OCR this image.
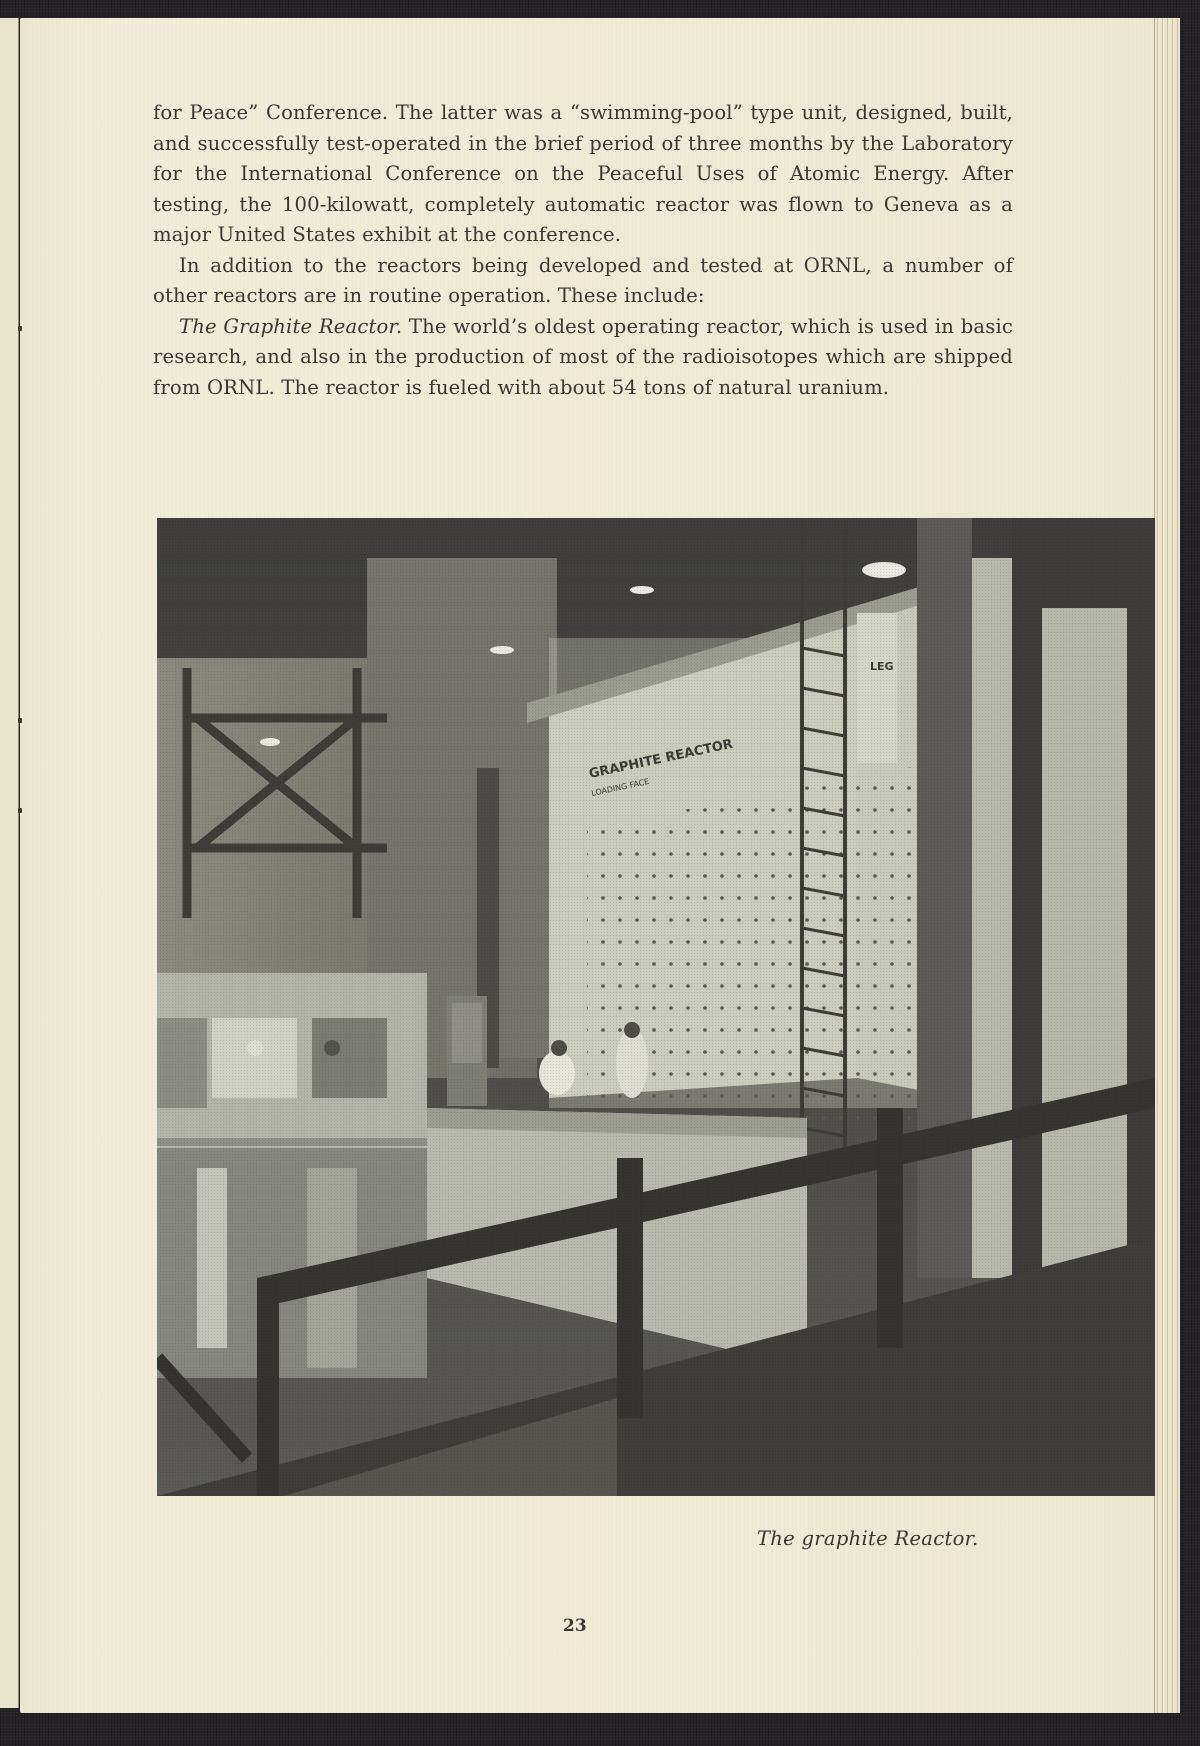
for Peace” Conference. The latter was a “swimming-pool” type unit, designed, built, and successfully test-operated in the brief period of three months by the Laboratory for the International Conference on the Peaceful Uses of Atomic Energy. After testing, the 100-kilowatt, completely automatic reactor was flown to Geneva as a major United States exhibit at the conference.

In addition to the reactors being developed and tested at ORNL, a number of other reactors are in routine operation. These include:

The Graphite Reactor. The world’s oldest operating reactor, which is used in basic research, and also in the production of most of the radioisotopes which are shipped from ORNL. The reactor is fueled with about 54 tons of natural uranium.

The graphite Reactor.
23
